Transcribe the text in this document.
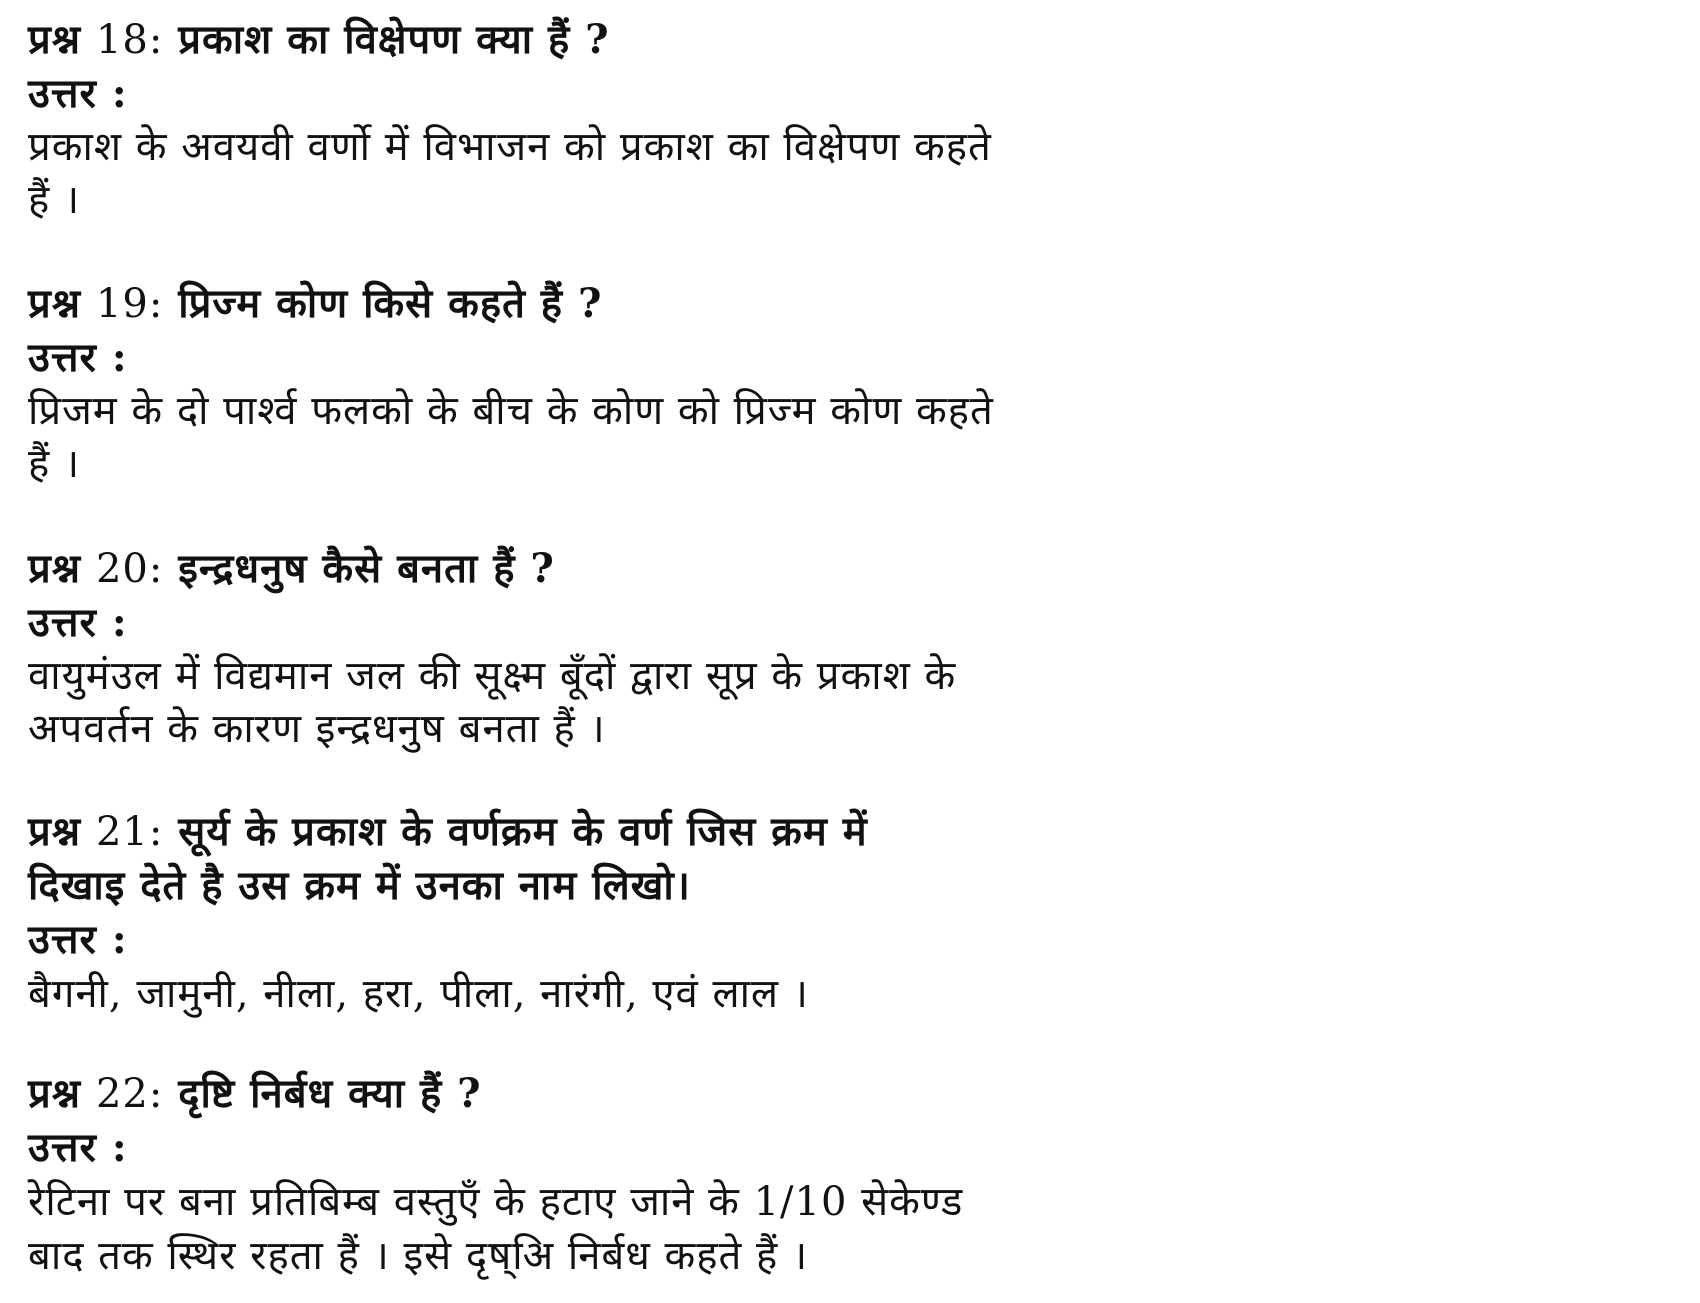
प्रश्न 18: प्रकाश का विक्षेपण क्या हैं ?
उत्तर :
प्रकाश के अवयवी वर्णो में विभाजन को प्रकाश का विक्षेपण कहते
हैं ।
प्रश्न 19: प्रिज्म कोण किसे कहते हैं ?
उत्तर :
प्रिजम के दो पार्श्व फलको के बीच के कोण को प्रिज्म कोण कहते
हैं ।
प्रश्न 20: इन्द्रधनुष कैसे बनता हैं ?
उत्तर :
वायुमंउल में विद्यमान जल की सूक्ष्म बूँदों द्वारा सूप्र के प्रकाश के
अपवर्तन के कारण इन्द्रधनुष बनता हैं ।
प्रश्न 21: सूर्य के प्रकाश के वर्णक्रम के वर्ण जिस क्रम में
दिखाइ देते है उस क्रम में उनका नाम लिखो।
उत्तर :
बैगनी, जामुनी, नीला, हरा, पीला, नारंगी, एवं लाल ।
प्रश्न 22: दृष्टि निर्बध क्या हैं ?
उत्तर :
रेटिना पर बना प्रतिबिम्ब वस्तुएँ के हटाए जाने के 1/10 सेकेण्ड
बाद तक स्थिर रहता हैं । इसे दृष्अि निर्बध कहते हैं ।
